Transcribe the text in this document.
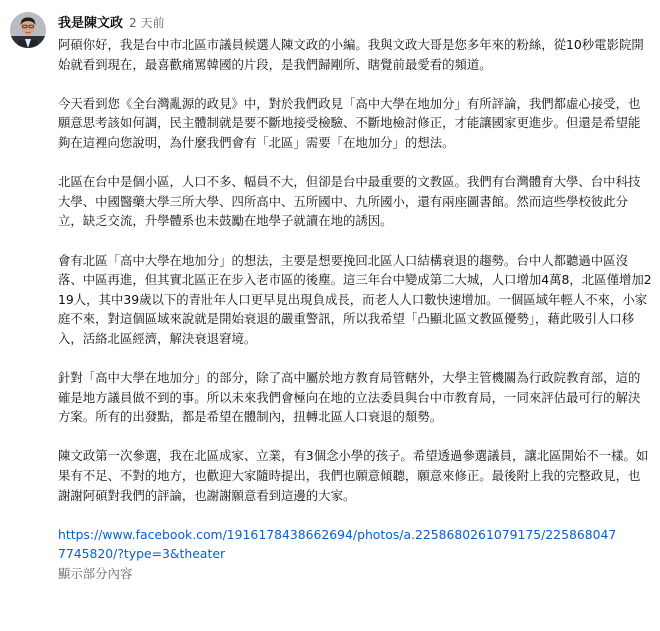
我是陳文政 2 天前

阿碩你好，我是台中市北區市議員候選人陳文政的小編。我與文政大哥是您多年來的粉絲，從10秒電影院開始就看到現在，最喜歡痛罵韓國的片段，是我們歸剛所、瞎覺前最愛看的頻道。

今天看到您《全台灣亂源的政見》中，對於我們政見「高中大學在地加分」有所評論，我們都虛心接受，也願意思考該如何調，民主體制就是要不斷地接受檢驗、不斷地檢討修正，才能讓國家更進步。但還是希望能夠在這裡向您說明，為什麼我們會有「北區」需要「在地加分」的想法。

北區在台中是個小區，人口不多、幅員不大，但卻是台中最重要的文教區。我們有台灣體育大學、台中科技大學、中國醫藥大學三所大學、四所高中、五所國中、九所國小，還有兩座圖書館。然而這些學校彼此分立，缺乏交流，升學體系也未鼓勵在地學子就讀在地的誘因。

會有北區「高中大學在地加分」的想法，主要是想要挽回北區人口結構衰退的趨勢。台中人都聽過中區沒落、中區再進，但其實北區正在步入老市區的後塵。這三年台中變成第二大城，人口增加4萬8，北區僅增加219人，其中39歲以下的青壯年人口更早見出現負成長，而老人人口數快速增加。一個區域年輕人不來，小家庭不來，對這個區域來說就是開始衰退的嚴重警訊，所以我希望「凸顯北區文教區優勢」，藉此吸引人口移入，活絡北區經濟，解決衰退窘境。

針對「高中大學在地加分」的部分，除了高中屬於地方教育局管轄外，大學主管機關為行政院教育部，這的確是地方議員做不到的事。所以未來我們會極向在地的立法委員與台中市教育局，一同來評估最可行的解決方案。所有的出發點，都是希望在體制內，扭轉北區人口衰退的頹勢。

陳文政第一次參選，我在北區成家、立業，有3個念小學的孩子。希望透過參選議員，讓北區開始不一樣。如果有不足、不對的地方，也歡迎大家隨時提出，我們也願意傾聽，願意來修正。最後附上我的完整政見，也謝謝阿碩對我們的評論，也謝謝願意看到這邊的大家。

https://www.facebook.com/1916178438662694/photos/a.2258680261079175/2258680477745820/?type=3&theater
顯示部分內容
